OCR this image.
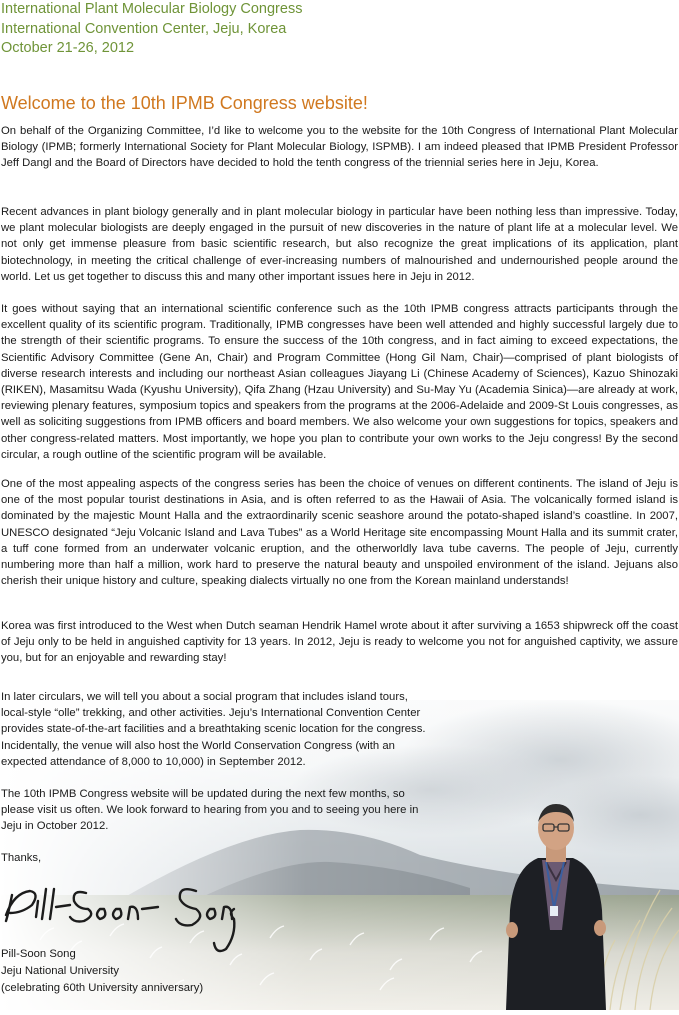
International Plant Molecular Biology Congress
International Convention Center, Jeju, Korea
October 21-26, 2012
Welcome to the 10th IPMB Congress website!

On behalf of the Organizing Committee, I’d like to welcome you to the website for the 10th Congress of International Plant Molecular Biology (IPMB; formerly International Society for Plant Molecular Biology, ISPMB). I am indeed pleased that IPMB President Professor Jeff Dangl and the Board of Directors have decided to hold the tenth congress of the triennial series here in Jeju, Korea.

Recent advances in plant biology generally and in plant molecular biology in particular have been nothing less than impressive. Today, we plant molecular biologists are deeply engaged in the pursuit of new discoveries in the nature of plant life at a molecular level. We not only get immense pleasure from basic scientific research, but also recognize the great implications of its application, plant biotechnology, in meeting the critical challenge of ever-increasing numbers of malnourished and undernourished people around the world. Let us get together to discuss this and many other important issues here in Jeju in 2012.

It goes without saying that an international scientific conference such as the 10th IPMB congress attracts participants through the excellent quality of its scientific program. Traditionally, IPMB congresses have been well attended and highly successful largely due to the strength of their scientific programs. To ensure the success of the 10th congress, and in fact aiming to exceed expectations, the Scientific Advisory Committee (Gene An, Chair) and Program Committee (Hong Gil Nam, Chair)—comprised of plant biologists of diverse research interests and including our northeast Asian colleagues Jiayang Li (Chinese Academy of Sciences), Kazuo Shinozaki (RIKEN), Masamitsu Wada (Kyushu University), Qifa Zhang (Hzau University) and Su-May Yu (Academia Sinica)—are already at work, reviewing plenary features, symposium topics and speakers from the programs at the 2006-Adelaide and 2009-St Louis congresses, as well as soliciting suggestions from IPMB officers and board members. We also welcome your own suggestions for topics, speakers and other congress-related matters. Most importantly, we hope you plan to contribute your own works to the Jeju congress! By the second circular, a rough outline of the scientific program will be available.

One of the most appealing aspects of the congress series has been the choice of venues on different continents. The island of Jeju is one of the most popular tourist destinations in Asia, and is often referred to as the Hawaii of Asia. The volcanically formed island is dominated by the majestic Mount Halla and the extraordinarily scenic seashore around the potato-shaped island’s coastline. In 2007, UNESCO designated “Jeju Volcanic Island and Lava Tubes” as a World Heritage site encompassing Mount Halla and its summit crater, a tuff cone formed from an underwater volcanic eruption, and the otherworldly lava tube caverns. The people of Jeju, currently numbering more than half a million, work hard to preserve the natural beauty and unspoiled environment of the island. Jejuans also cherish their unique history and culture, speaking dialects virtually no one from the Korean mainland understands!

Korea was first introduced to the West when Dutch seaman Hendrik Hamel wrote about it after surviving a 1653 shipwreck off the coast of Jeju only to be held in anguished captivity for 13 years. In 2012, Jeju is ready to welcome you not for anguished captivity, we assure you, but for an enjoyable and rewarding stay!

In later circulars, we will tell you about a social program that includes island tours, local-style “olle” trekking, and other activities. Jeju’s International Convention Center provides state-of-the-art facilities and a breathtaking scenic location for the congress. Incidentally, the venue will also host the World Conservation Congress (with an expected attendance of 8,000 to 10,000) in September 2012.

The 10th IPMB Congress website will be updated during the next few months, so please visit us often. We look forward to hearing from you and to seeing you here in Jeju in October 2012.

Thanks,

Pill-Soon Song
Jeju National University
(celebrating 60th University anniversary)
